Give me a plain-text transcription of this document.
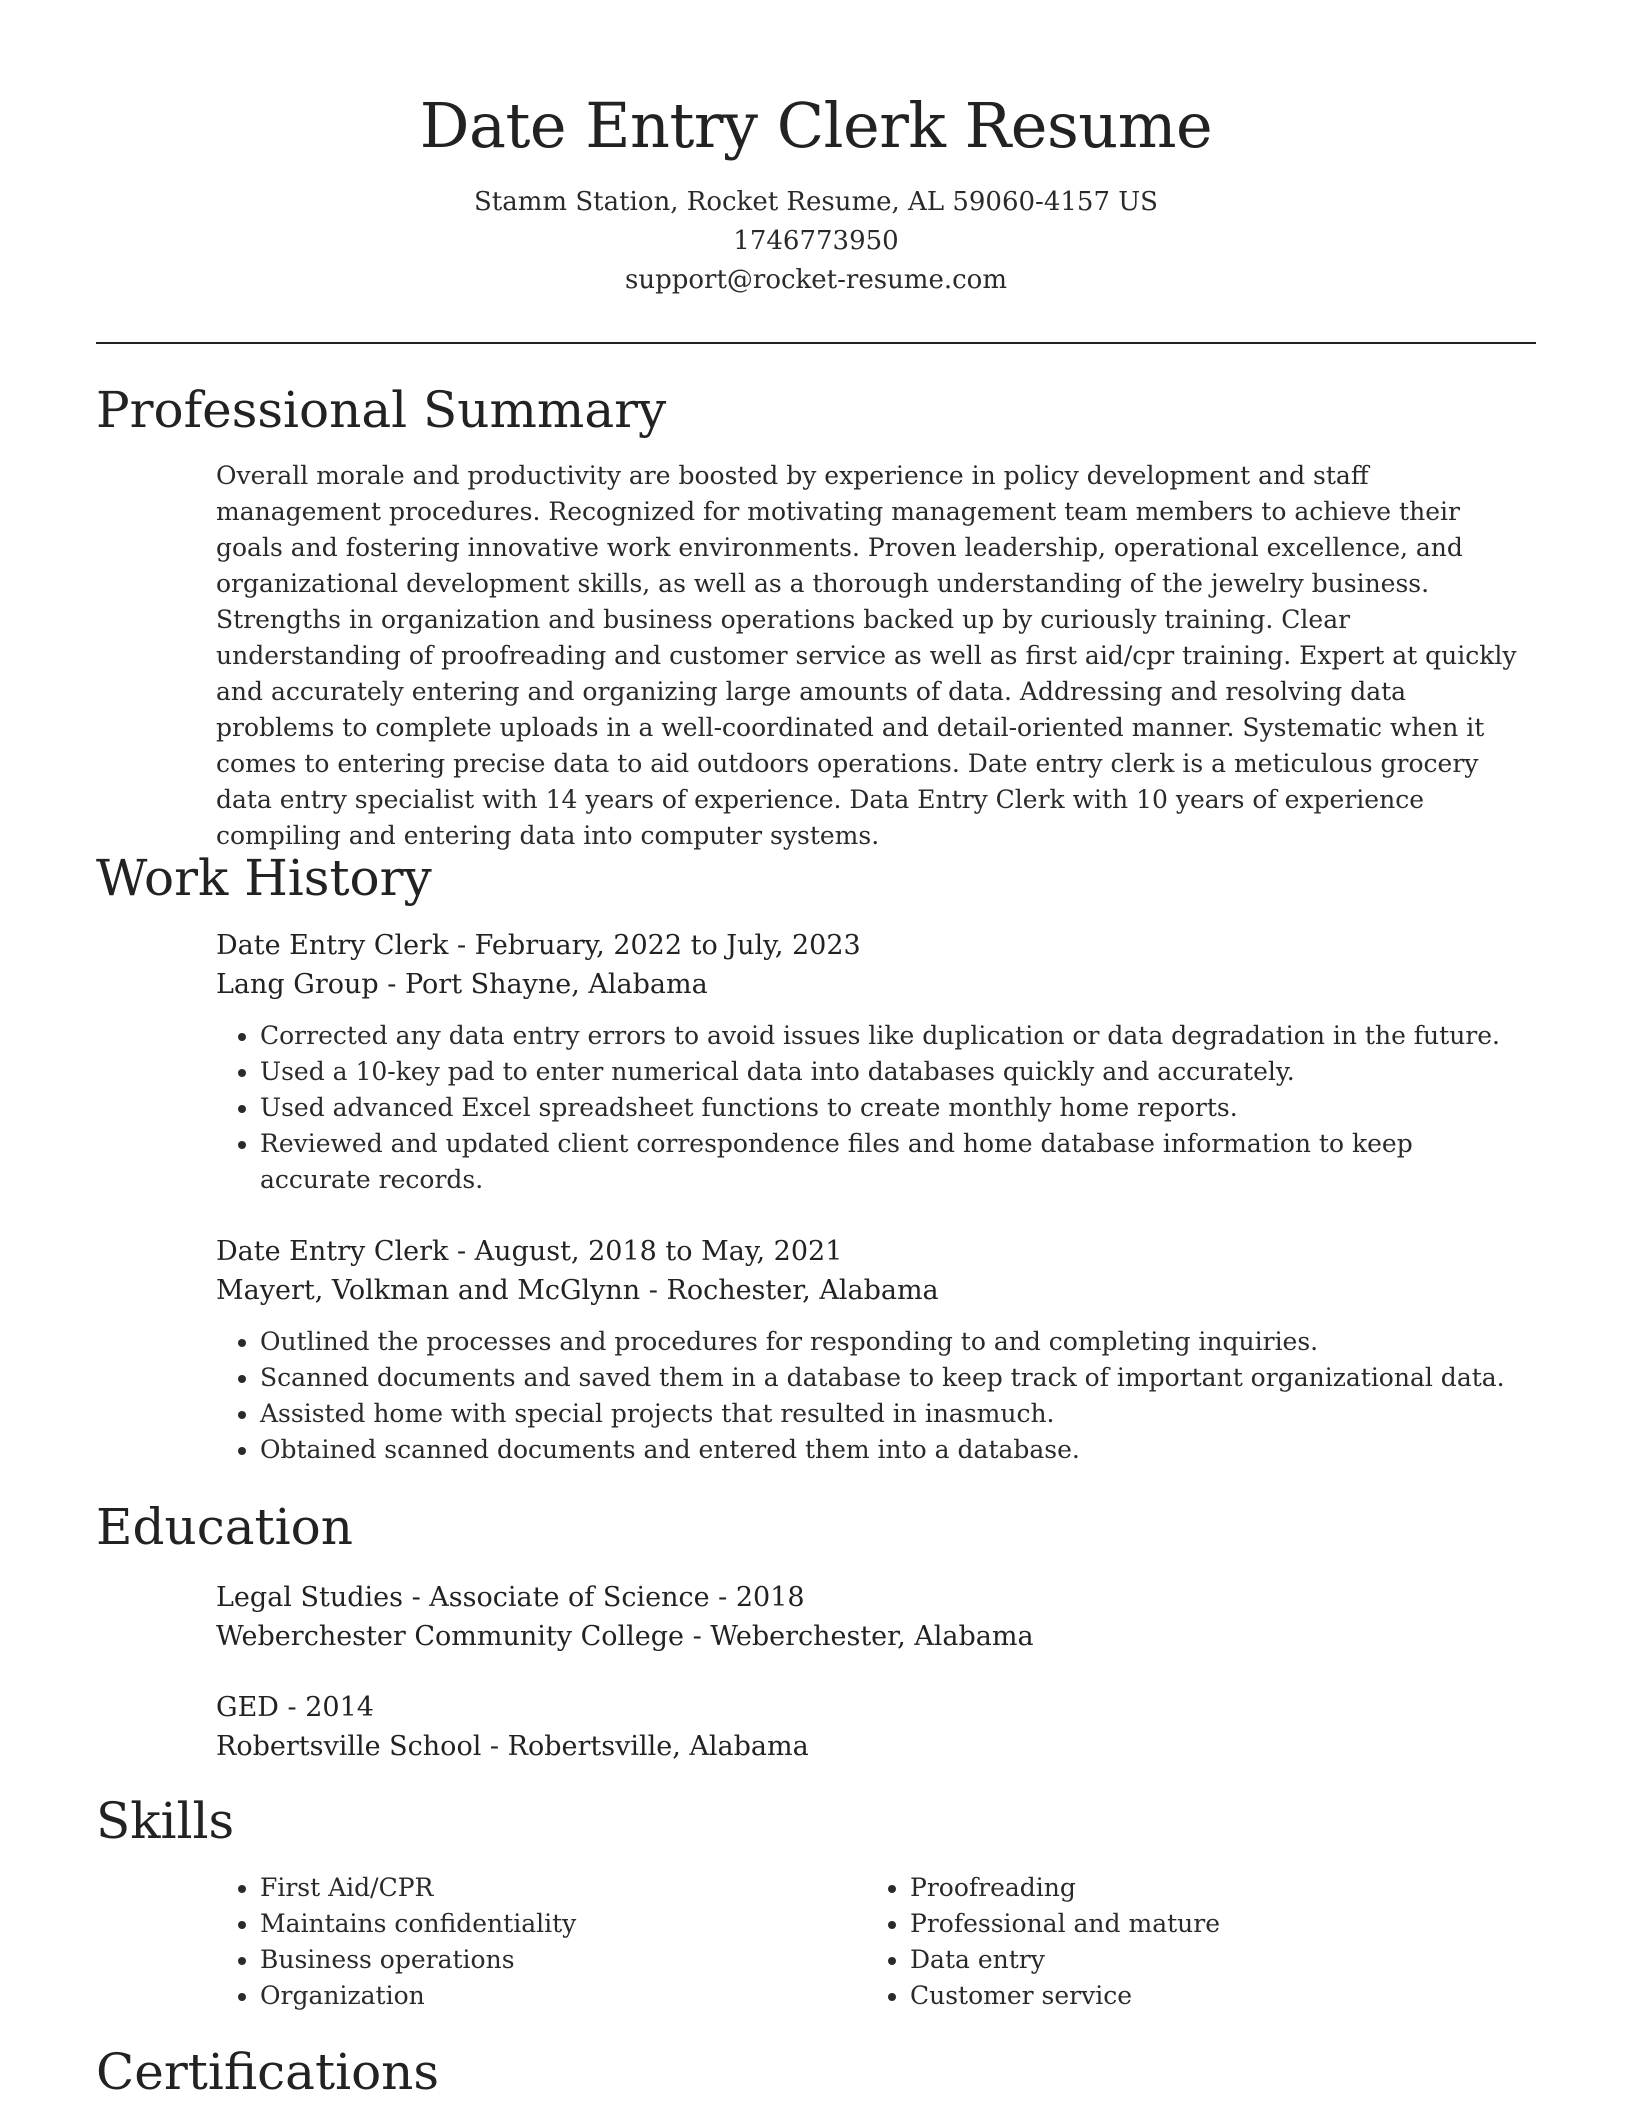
Date Entry Clerk Resume
Stamm Station, Rocket Resume, AL 59060-4157 US
1746773950
support@rocket-resume.com
Professional Summary
Overall morale and productivity are boosted by experience in policy development and staff management procedures. Recognized for motivating management team members to achieve their goals and fostering innovative work environments. Proven leadership, operational excellence, and organizational development skills, as well as a thorough understanding of the jewelry business. Strengths in organization and business operations backed up by curiously training. Clear understanding of proofreading and customer service as well as first aid/cpr training. Expert at quickly and accurately entering and organizing large amounts of data. Addressing and resolving data problems to complete uploads in a well-coordinated and detail-oriented manner. Systematic when it comes to entering precise data to aid outdoors operations. Date entry clerk is a meticulous grocery data entry specialist with 14 years of experience. Data Entry Clerk with 10 years of experience compiling and entering data into computer systems.
Work History
Date Entry Clerk - February, 2022 to July, 2023
Lang Group - Port Shayne, Alabama
• Corrected any data entry errors to avoid issues like duplication or data degradation in the future.
• Used a 10-key pad to enter numerical data into databases quickly and accurately.
• Used advanced Excel spreadsheet functions to create monthly home reports.
• Reviewed and updated client correspondence files and home database information to keep accurate records.
Date Entry Clerk - August, 2018 to May, 2021
Mayert, Volkman and McGlynn - Rochester, Alabama
• Outlined the processes and procedures for responding to and completing inquiries.
• Scanned documents and saved them in a database to keep track of important organizational data.
• Assisted home with special projects that resulted in inasmuch.
• Obtained scanned documents and entered them into a database.
Education
Legal Studies - Associate of Science - 2018
Weberchester Community College - Weberchester, Alabama
GED - 2014
Robertsville School - Robertsville, Alabama
Skills
• First Aid/CPR
• Maintains confidentiality
• Business operations
• Organization
• Proofreading
• Professional and mature
• Data entry
• Customer service
Certifications
